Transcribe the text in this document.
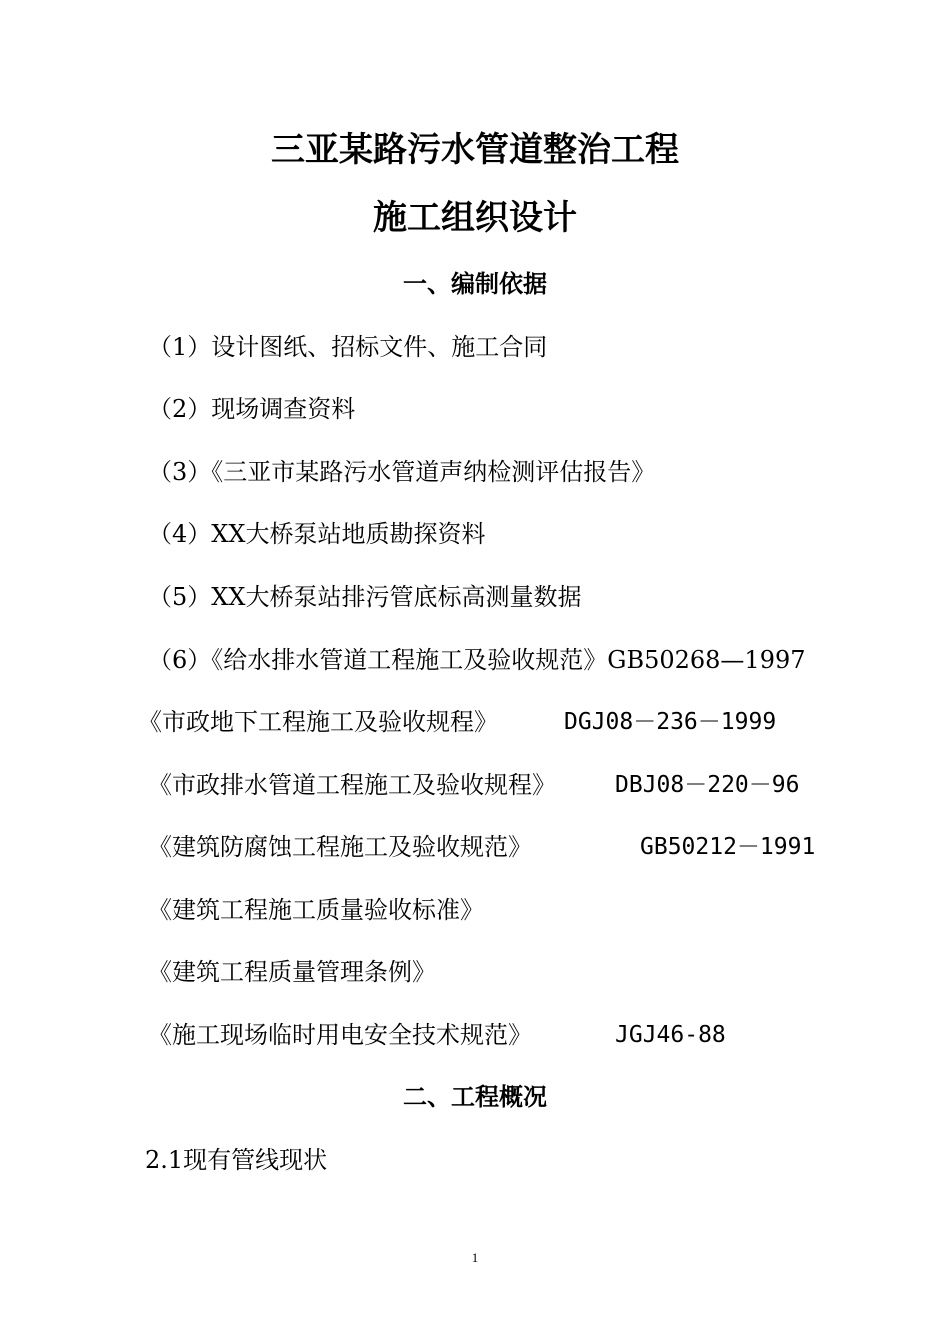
三亚某路污水管道整治工程
施工组织设计
一、编制依据
（1）设计图纸、招标文件、施工合同
（2）现场调查资料
（3）《三亚市某路污水管道声纳检测评估报告》
（4）XX大桥泵站地质勘探资料
（5）XX大桥泵站排污管底标高测量数据
（6）《给水排水管道工程施工及验收规范》GB50268—1997
《市政地下工程施工及验收规程》	DGJ08－236－1999
《市政排水管道工程施工及验收规程》	DBJ08－220－96
《建筑防腐蚀工程施工及验收规范》	GB50212－1991
《建筑工程施工质量验收标准》
《建筑工程质量管理条例》
《施工现场临时用电安全技术规范》	JGJ46-88
二、工程概况
2.1现有管线现状
1
